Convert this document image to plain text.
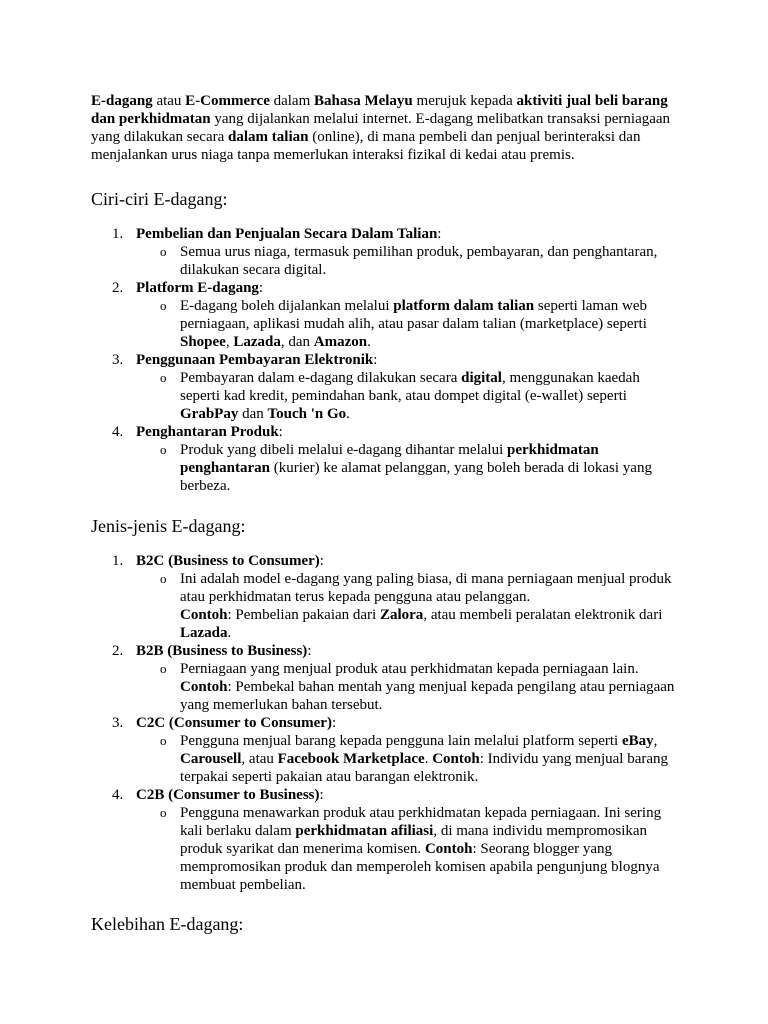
E-dagang atau E-Commerce dalam Bahasa Melayu merujuk kepada aktiviti jual beli barang dan perkhidmatan yang dijalankan melalui internet. E-dagang melibatkan transaksi perniagaan yang dilakukan secara dalam talian (online), di mana pembeli dan penjual berinteraksi dan menjalankan urus niaga tanpa memerlukan interaksi fizikal di kedai atau premis.

Ciri-ciri E-dagang:
1. Pembelian dan Penjualan Secara Dalam Talian:
o Semua urus niaga, termasuk pemilihan produk, pembayaran, dan penghantaran, dilakukan secara digital.
2. Platform E-dagang:
o E-dagang boleh dijalankan melalui platform dalam talian seperti laman web perniagaan, aplikasi mudah alih, atau pasar dalam talian (marketplace) seperti Shopee, Lazada, dan Amazon.
3. Penggunaan Pembayaran Elektronik:
o Pembayaran dalam e-dagang dilakukan secara digital, menggunakan kaedah seperti kad kredit, pemindahan bank, atau dompet digital (e-wallet) seperti GrabPay dan Touch 'n Go.
4. Penghantaran Produk:
o Produk yang dibeli melalui e-dagang dihantar melalui perkhidmatan penghantaran (kurier) ke alamat pelanggan, yang boleh berada di lokasi yang berbeza.
Jenis-jenis E-dagang:
1. B2C (Business to Consumer):
o Ini adalah model e-dagang yang paling biasa, di mana perniagaan menjual produk atau perkhidmatan terus kepada pengguna atau pelanggan.
Contoh: Pembelian pakaian dari Zalora, atau membeli peralatan elektronik dari Lazada.
2. B2B (Business to Business):
o Perniagaan yang menjual produk atau perkhidmatan kepada perniagaan lain.
Contoh: Pembekal bahan mentah yang menjual kepada pengilang atau perniagaan yang memerlukan bahan tersebut.
3. C2C (Consumer to Consumer):
o Pengguna menjual barang kepada pengguna lain melalui platform seperti eBay, Carousell, atau Facebook Marketplace. Contoh: Individu yang menjual barang terpakai seperti pakaian atau barangan elektronik.
4. C2B (Consumer to Business):
o Pengguna menawarkan produk atau perkhidmatan kepada perniagaan. Ini sering kali berlaku dalam perkhidmatan afiliasi, di mana individu mempromosikan produk syarikat dan menerima komisen. Contoh: Seorang blogger yang mempromosikan produk dan memperoleh komisen apabila pengunjung blognya membuat pembelian.
Kelebihan E-dagang:
